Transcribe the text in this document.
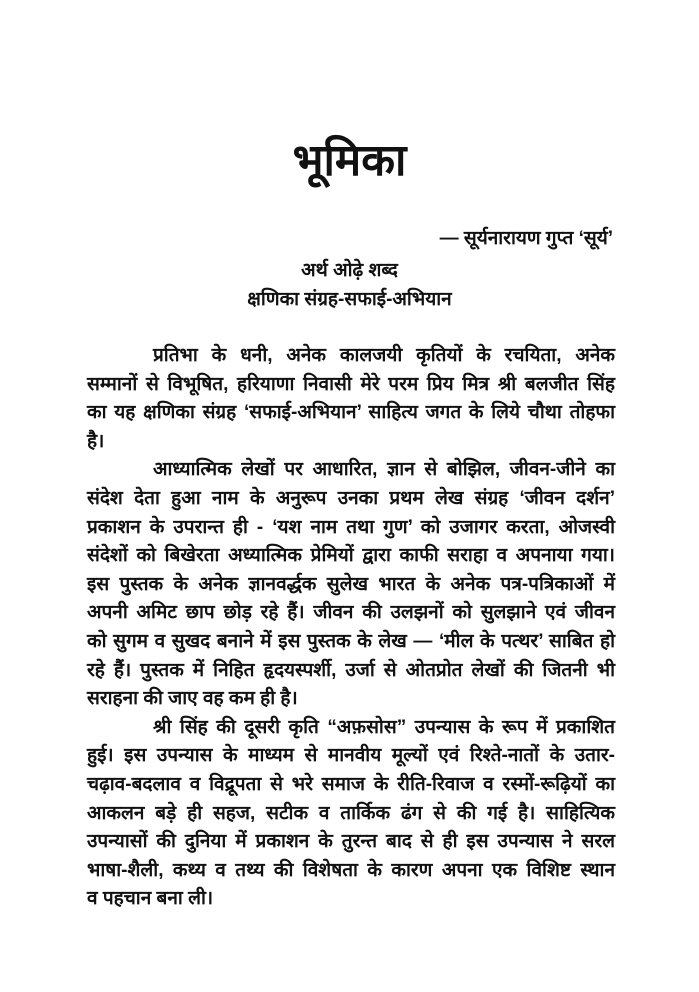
भूमिका
— सूर्यनारायण गुप्त ‘सूर्य’
अर्थ ओढ़े शब्द
क्षणिका संग्रह-सफाई-अभियान
प्रतिभा के धनी, अनेक कालजयी कृतियों के रचयिता, अनेक
सम्मानों से विभूषित, हरियाणा निवासी मेरे परम प्रिय मित्र श्री बलजीत सिंह
का यह क्षणिका संग्रह ‘सफाई-अभियान’ साहित्य जगत के लिये चौथा तोहफा
है।
आध्यात्मिक लेखों पर आधारित, ज्ञान से बोझिल, जीवन-जीने का
संदेश देता हुआ नाम के अनुरूप उनका प्रथम लेख संग्रह ‘जीवन दर्शन’
प्रकाशन के उपरान्त ही - ‘यश नाम तथा गुण’ को उजागर करता, ओजस्वी
संदेशों को बिखेरता अध्यात्मिक प्रेमियों द्वारा काफी सराहा व अपनाया गया।
इस पुस्तक के अनेक ज्ञानवर्द्धक सुलेख भारत के अनेक पत्र-पत्रिकाओं में
अपनी अमिट छाप छोड़ रहे हैं। जीवन की उलझनों को सुलझाने एवं जीवन
को सुगम व सुखद बनाने में इस पुस्तक के लेख — ‘मील के पत्थर’ साबित हो
रहे हैं। पुस्तक में निहित हृदयस्पर्शी, उर्जा से ओतप्रोत लेखों की जितनी भी
सराहना की जाए वह कम ही है।
श्री सिंह की दूसरी कृति “अफ़सोस” उपन्यास के रूप में प्रकाशित
हुई। इस उपन्यास के माध्यम से मानवीय मूल्यों एवं रिश्ते-नातों के उतार-
चढ़ाव-बदलाव व विद्रूपता से भरे समाज के रीति-रिवाज व रस्मों-रूढ़ियों का
आकलन बड़े ही सहज, सटीक व तार्किक ढंग से की गई है। साहित्यिक
उपन्यासों की दुनिया में प्रकाशन के तुरन्त बाद से ही इस उपन्यास ने सरल
भाषा-शैली, कथ्य व तथ्य की विशेषता के कारण अपना एक विशिष्ट स्थान
व पहचान बना ली।
